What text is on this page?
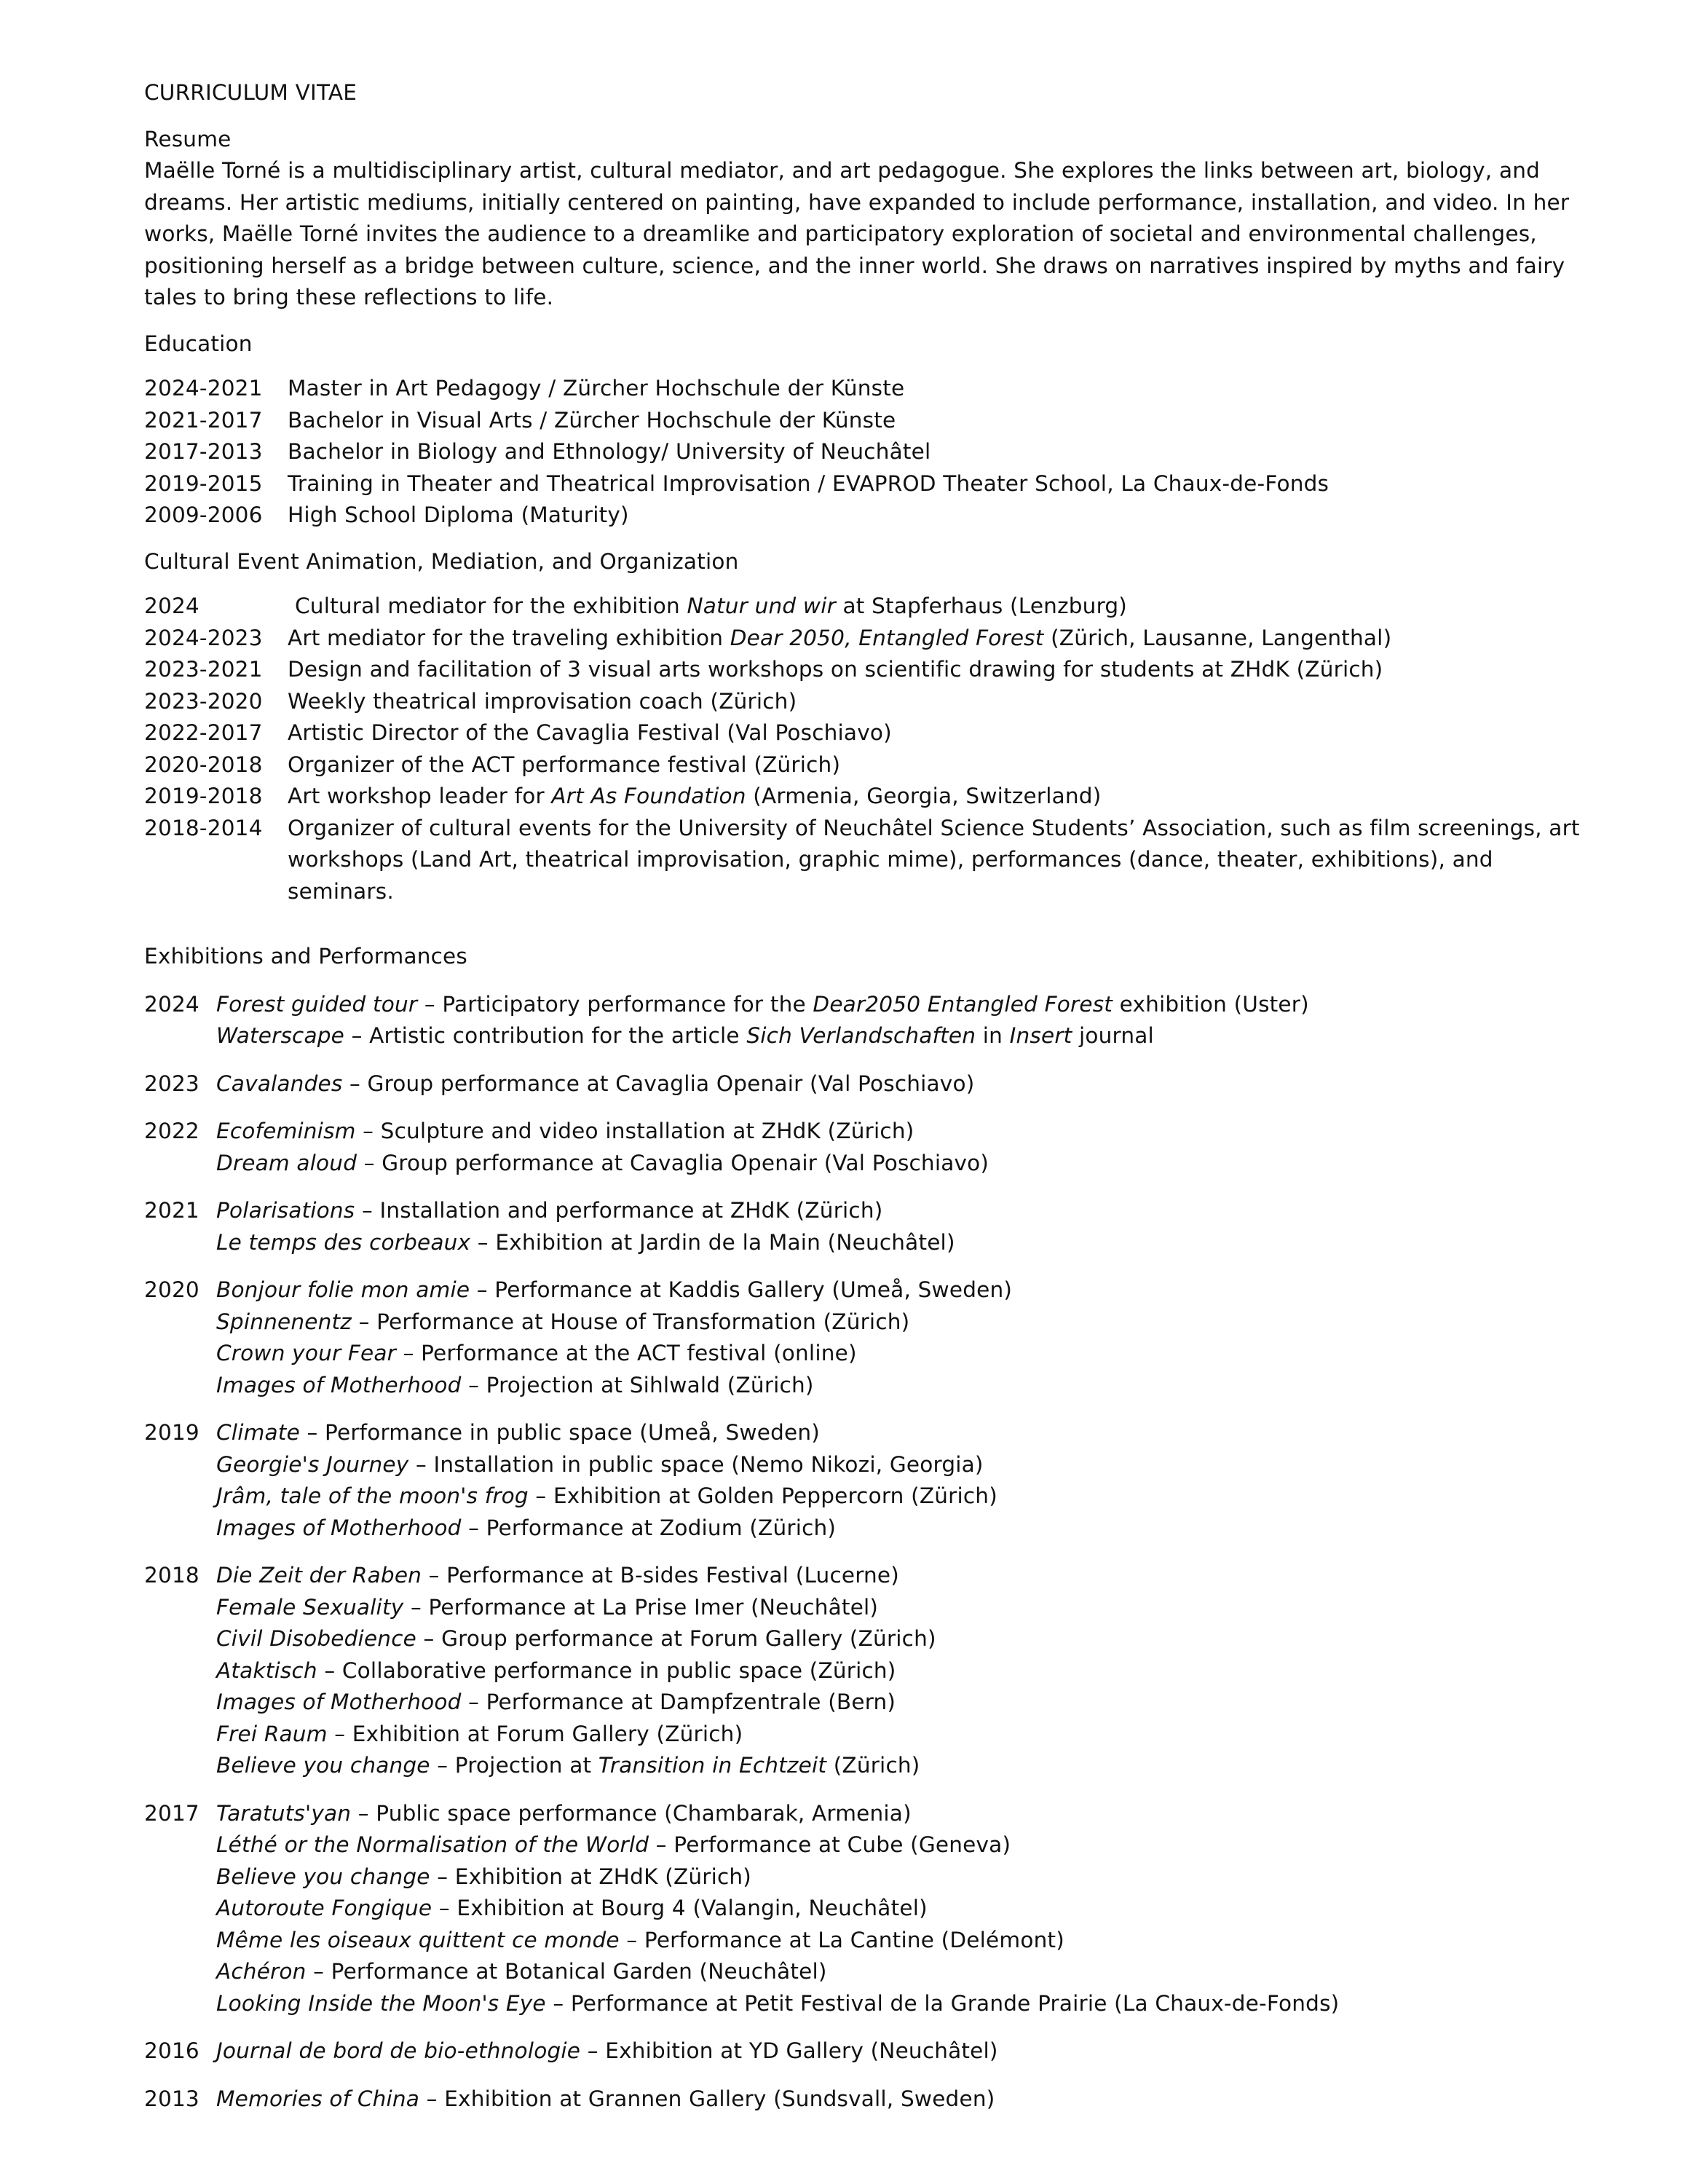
CURRICULUM VITAE
Resume

Maëlle Torné is a multidisciplinary artist, cultural mediator, and art pedagogue. She explores the links between art, biology, and dreams. Her artistic mediums, initially centered on painting, have expanded to include performance, installation, and video. In her works, Maëlle Torné invites the audience to a dreamlike and participatory exploration of societal and environmental challenges, positioning herself as a bridge between culture, science, and the inner world. She draws on narratives inspired by myths and fairy tales to bring these reflections to life.

Education
2024-2021	Master in Art Pedagogy / Zürcher Hochschule der Künste
2021-2017	Bachelor in Visual Arts / Zürcher Hochschule der Künste
2017-2013	Bachelor in Biology and Ethnology/ University of Neuchâtel
2019-2015	Training in Theater and Theatrical Improvisation / EVAPROD Theater School, La Chaux-de-Fonds
2009-2006	High School Diploma (Maturity)
Cultural Event Animation, Mediation, and Organization
2024	Cultural mediator for the exhibition Natur und wir at Stapferhaus (Lenzburg)
2024-2023	Art mediator for the traveling exhibition Dear 2050, Entangled Forest (Zürich, Lausanne, Langenthal)
2023-2021	Design and facilitation of 3 visual arts workshops on scientific drawing for students at ZHdK (Zürich)
2023-2020	Weekly theatrical improvisation coach (Zürich)
2022-2017	Artistic Director of the Cavaglia Festival (Val Poschiavo)
2020-2018	Organizer of the ACT performance festival (Zürich)
2019-2018	Art workshop leader for Art As Foundation (Armenia, Georgia, Switzerland)
2018-2014	Organizer of cultural events for the University of Neuchâtel Science Students’ Association, such as film screenings, art workshops (Land Art, theatrical improvisation, graphic mime), performances (dance, theater, exhibitions), and seminars.
Exhibitions and Performances
2024 Forest guided tour – Participatory performance for the Dear2050 Entangled Forest exhibition (Uster)
Waterscape – Artistic contribution for the article Sich Verlandschaften in Insert journal
2023 Cavalandes – Group performance at Cavaglia Openair (Val Poschiavo)
2022 Ecofeminism – Sculpture and video installation at ZHdK (Zürich)
Dream aloud – Group performance at Cavaglia Openair (Val Poschiavo)
2021 Polarisations – Installation and performance at ZHdK (Zürich)
Le temps des corbeaux – Exhibition at Jardin de la Main (Neuchâtel)
2020 Bonjour folie mon amie – Performance at Kaddis Gallery (Umeå, Sweden)
Spinnenentz – Performance at House of Transformation (Zürich)
Crown your Fear – Performance at the ACT festival (online)
Images of Motherhood – Projection at Sihlwald (Zürich)
2019 Climate – Performance in public space (Umeå, Sweden)
Georgie's Journey – Installation in public space (Nemo Nikozi, Georgia)
Jrâm, tale of the moon's frog – Exhibition at Golden Peppercorn (Zürich)
Images of Motherhood – Performance at Zodium (Zürich)
2018 Die Zeit der Raben – Performance at B-sides Festival (Lucerne)
Female Sexuality – Performance at La Prise Imer (Neuchâtel)
Civil Disobedience – Group performance at Forum Gallery (Zürich)
Ataktisch – Collaborative performance in public space (Zürich)
Images of Motherhood – Performance at Dampfzentrale (Bern)
Frei Raum – Exhibition at Forum Gallery (Zürich)
Believe you change – Projection at Transition in Echtzeit (Zürich)
2017 Taratuts'yan – Public space performance (Chambarak, Armenia)
Léthé or the Normalisation of the World – Performance at Cube (Geneva)
Believe you change – Exhibition at ZHdK (Zürich)
Autoroute Fongique – Exhibition at Bourg 4 (Valangin, Neuchâtel)
Même les oiseaux quittent ce monde – Performance at La Cantine (Delémont)
Achéron – Performance at Botanical Garden (Neuchâtel)
Looking Inside the Moon's Eye – Performance at Petit Festival de la Grande Prairie (La Chaux-de-Fonds)
2016 Journal de bord de bio-ethnologie – Exhibition at YD Gallery (Neuchâtel)
2013 Memories of China – Exhibition at Grannen Gallery (Sundsvall, Sweden)
